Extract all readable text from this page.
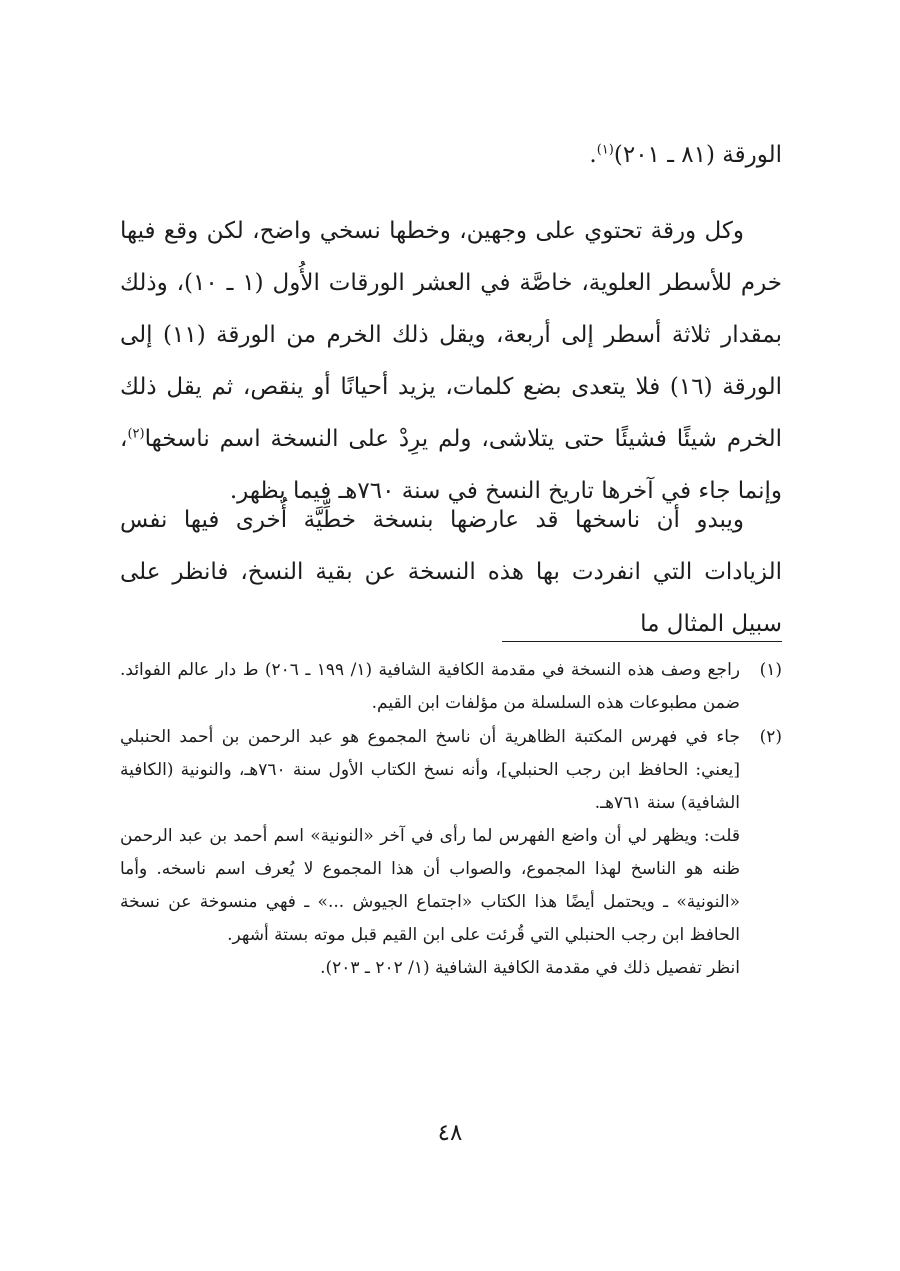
الورقة (٨١ ـ ٢٠١)$^{(١)}$.

وكل ورقة تحتوي على وجهين، وخطها نسخي واضح، لكن وقع فيها خرم للأسطر العلوية، خاصَّة في العشر الورقات الأُول (١ ـ ١٠)، وذلك بمقدار ثلاثة أسطر إلى أربعة، ويقل ذلك الخرم من الورقة (١١) إلى الورقة (١٦) فلا يتعدى بضع كلمات، يزيد أحيانًا أو ينقص، ثم يقل ذلك الخرم شيئًا فشيئًا حتى يتلاشى، ولم يرِدْ على النسخة اسم ناسخها$^{(٢)}$، وإنما جاء في آخرها تاريخ النسخ في سنة ٧٦٠هـ فيما يظهر.

ويبدو أن ناسخها قد عارضها بنسخة خطِّيَّة أُخرى فيها نفس الزيادات التي انفردت بها هذه النسخة عن بقية النسخ، فانظر على سبيل المثال ما

(١)
راجع وصف هذه النسخة في مقدمة الكافية الشافية (١/ ١٩٩ ـ ٢٠٦) ط دار عالم الفوائد. ضمن مطبوعات هذه السلسلة من مؤلفات ابن القيم.
(٢)
جاء في فهرس المكتبة الظاهرية أن ناسخ المجموع هو عبد الرحمن بن أحمد الحنبلي [يعني: الحافظ ابن رجب الحنبلي]، وأنه نسخ الكتاب الأول سنة ٧٦٠هـ، والنونية (الكافية الشافية) سنة ٧٦١هـ.
قلت: ويظهر لي أن واضع الفهرس لما رأى في آخر «النونية» اسم أحمد بن عبد الرحمن ظنه هو الناسخ لهذا المجموع، والصواب أن هذا المجموع لا يُعرف اسم ناسخه. وأما «النونية» ـ ويحتمل أيضًا هذا الكتاب «اجتماع الجيوش ...» ـ فهي منسوخة عن نسخة الحافظ ابن رجب الحنبلي التي قُرئت على ابن القيم قبل موته بستة أشهر.
انظر تفصيل ذلك في مقدمة الكافية الشافية (١/ ٢٠٢ ـ ٢٠٣).
٤٨
